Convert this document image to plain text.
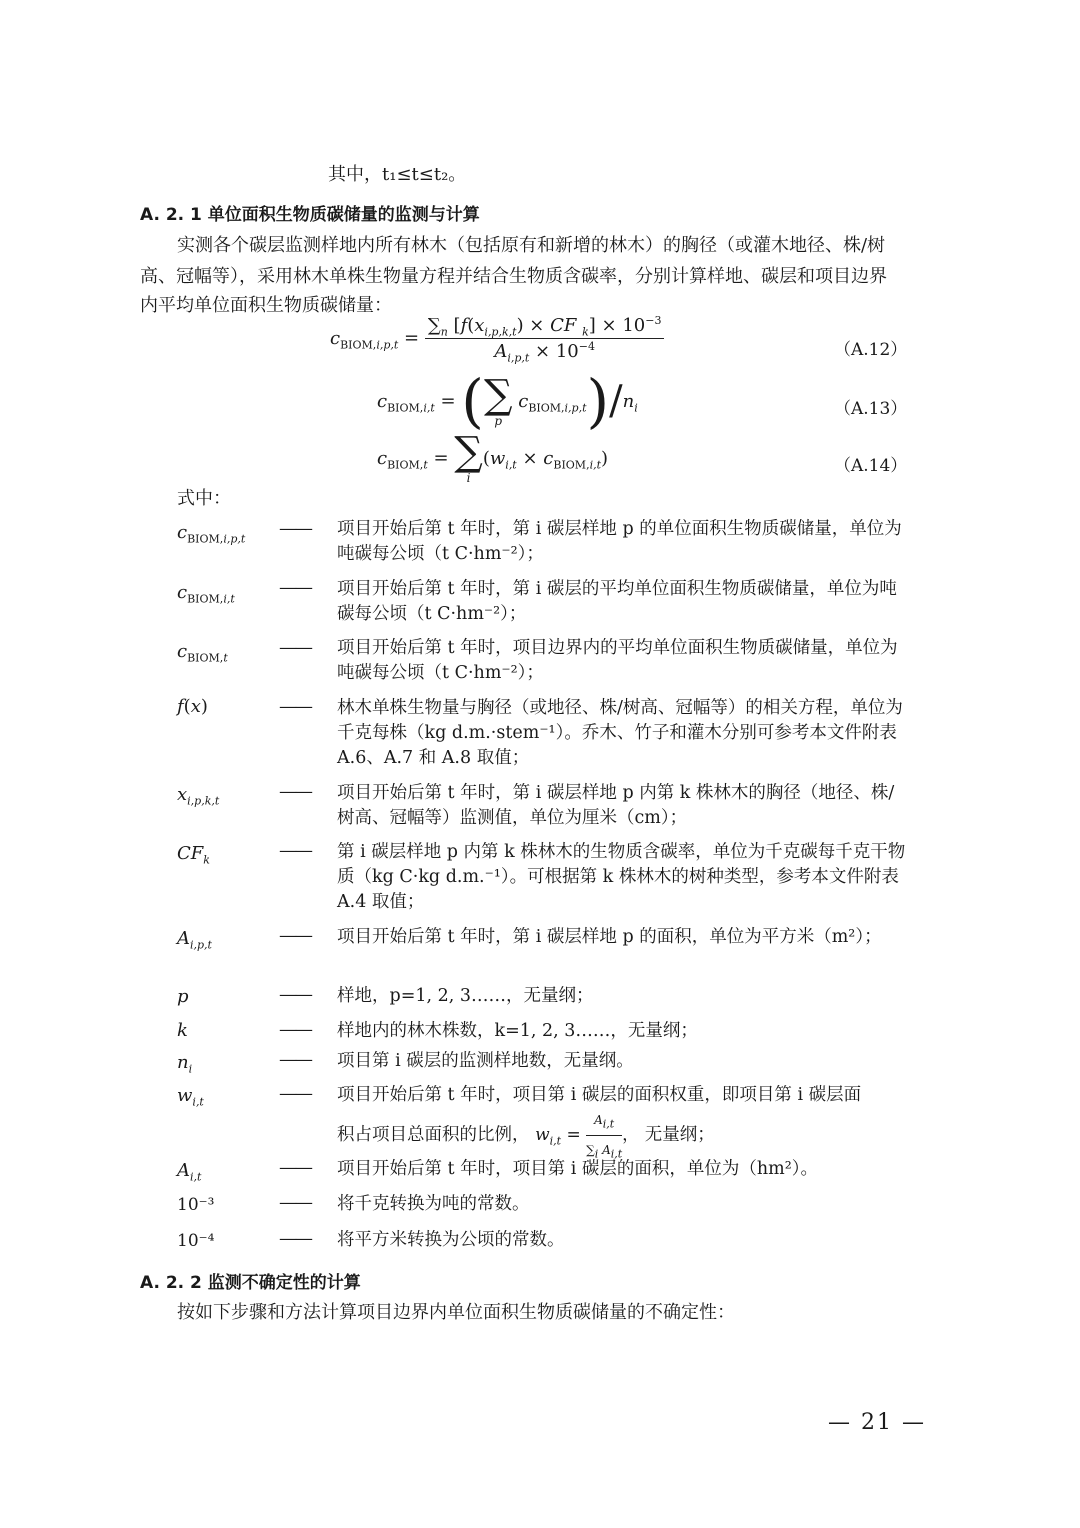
其中，t₁≤t≤t₂。
A. 2. 1 单位面积生物质碳储量的监测与计算
实测各个碳层监测样地内所有林木（包括原有和新增的林木）的胸径（或灌木地径、株/树
高、冠幅等），采用林木单株生物量方程并结合生物质含碳率，分别计算样地、碳层和项目边界
内平均单位面积生物质碳储量：
$c_{BIOM,i,p,t} = \frac{\sum_n [f(x_{i,p,k,t}) \times CF _k] \times 10^{-3}}{A_{i,p,t} \times 10^{-4}}$	（A.12）
$c_{BIOM,i,t}$ = ( ∑
p
$c_{BIOM,i,p,t})/n_i$	（A.13）
$c_{BIOM,t}$ = ∑
i
$(w_{i,t} \times c_{BIOM,i,t})$	（A.14）
式中：
$c_{BIOM,i,p,t}$
—— 项目开始后第 t 年时，第 i 碳层样地 p 的单位面积生物质碳储量，单位为吨碳每公顷（t C·hm⁻²）；
$c_{BIOM,i,t}$
—— 项目开始后第 t 年时，第 i 碳层的平均单位面积生物质碳储量，单位为吨碳每公顷（t C·hm⁻²）；
$c_{BIOM,t}$
—— 项目开始后第 t 年时，项目边界内的平均单位面积生物质碳储量，单位为吨碳每公顷（t C·hm⁻²）；
f(x)	—— 林木单株生物量与胸径（或地径、株/树高、冠幅等）的相关方程，单位为千克每株（kg d.m.·stem⁻¹）。乔木、竹子和灌木分别可参考本文件附表 A.6、A.7 和 A.8 取值；
$x_{i,p,k,t}$	—— 项目开始后第 t 年时，第 i 碳层样地 p 内第 k 株林木的胸径（地径、株/树高、冠幅等）监测值，单位为厘米（cm）；
$CF_k$	—— 第 i 碳层样地 p 内第 k 株林木的生物质含碳率，单位为千克碳每千克干物质（kg C·kg d.m.⁻¹）。可根据第 k 株林木的树种类型，参考本文件附表 A.4 取值；
$A_{i,p,t}$	—— 项目开始后第 t 年时，第 i 碳层样地 p 的面积，单位为平方米（m²）；
p	—— 样地，p=1, 2, 3……，无量纲；
k	—— 样地内的林木株数，k=1, 2, 3……，无量纲；
$n_i$	—— 项目第 i 碳层的监测样地数，无量纲。
$w_{i,t}$	—— 项目开始后第 t 年时，项目第 i 碳层的面积权重，即项目第 i 碳层面
积占项目总面积的比例， $w_{i,t} = \frac{A_{i,t}}{\sum_i A_{i,t}}$ ， 无量纲；
$A_{i,t}$	—— 项目开始后第 t 年时，项目第 i 碳层的面积，单位为（hm²）。
10⁻³	—— 将千克转换为吨的常数。
10⁻⁴	—— 将平方米转换为公顷的常数。
A. 2. 2 监测不确定性的计算
按如下步骤和方法计算项目边界内单位面积生物质碳储量的不确定性：
— 21 —
